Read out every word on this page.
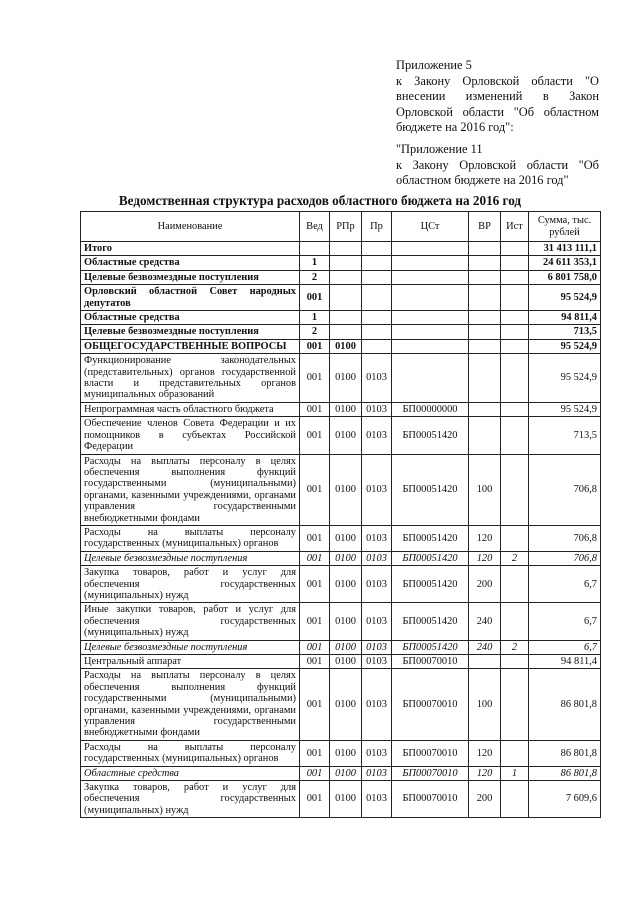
Приложение 5

к Закону Орловской области "О внесении изменений в Закон Орловской области "Об областном бюджете на 2016 год":

"Приложение 11

к Закону Орловской области "Об областном бюджете на 2016 год"

Ведомственная структура расходов областного бюджета на 2016 год
Наименование	Вед	РПр	Пр	ЦСт	ВР	Ист	Сумма, тыс. рублей
Итого							31 413 111,1
Областные средства	1						24 611 353,1
Целевые безвозмездные поступления	2						6 801 758,0
Орловский областной Совет народных депутатов	001						95 524,9
Областные средства	1						94 811,4
Целевые безвозмездные поступления	2						713,5
ОБЩЕГОСУДАРСТВЕННЫЕ ВОПРОСЫ	001	0100					95 524,9
Функционирование законодательных (представительных) органов государственной власти и представительных органов муниципальных образований	001	0100	0103				95 524,9
Непрограммная часть областного бюджета	001	0100	0103	БП00000000			95 524,9
Обеспечение членов Совета Федерации и их помощников в субъектах Российской Федерации	001	0100	0103	БП00051420			713,5
Расходы на выплаты персоналу в целях обеспечения выполнения функций государственными (муниципальными) органами, казенными учреждениями, органами управления государственными внебюджетными фондами	001	0100	0103	БП00051420	100		706,8
Расходы на выплаты персоналу государственных (муниципальных) органов	001	0100	0103	БП00051420	120		706,8
Целевые безвозмездные поступления	001	0100	0103	БП00051420	120	2	706,8
Закупка товаров, работ и услуг для обеспечения государственных (муниципальных) нужд	001	0100	0103	БП00051420	200		6,7
Иные закупки товаров, работ и услуг для обеспечения государственных (муниципальных) нужд	001	0100	0103	БП00051420	240		6,7
Целевые безвозмездные поступления	001	0100	0103	БП00051420	240	2	6,7
Центральный аппарат	001	0100	0103	БП00070010			94 811,4
Расходы на выплаты персоналу в целях обеспечения выполнения функций государственными (муниципальными) органами, казенными учреждениями, органами управления государственными внебюджетными фондами	001	0100	0103	БП00070010	100		86 801,8
Расходы на выплаты персоналу государственных (муниципальных) органов	001	0100	0103	БП00070010	120		86 801,8
Областные средства	001	0100	0103	БП00070010	120	1	86 801,8
Закупка товаров, работ и услуг для обеспечения государственных (муниципальных) нужд	001	0100	0103	БП00070010	200		7 609,6
